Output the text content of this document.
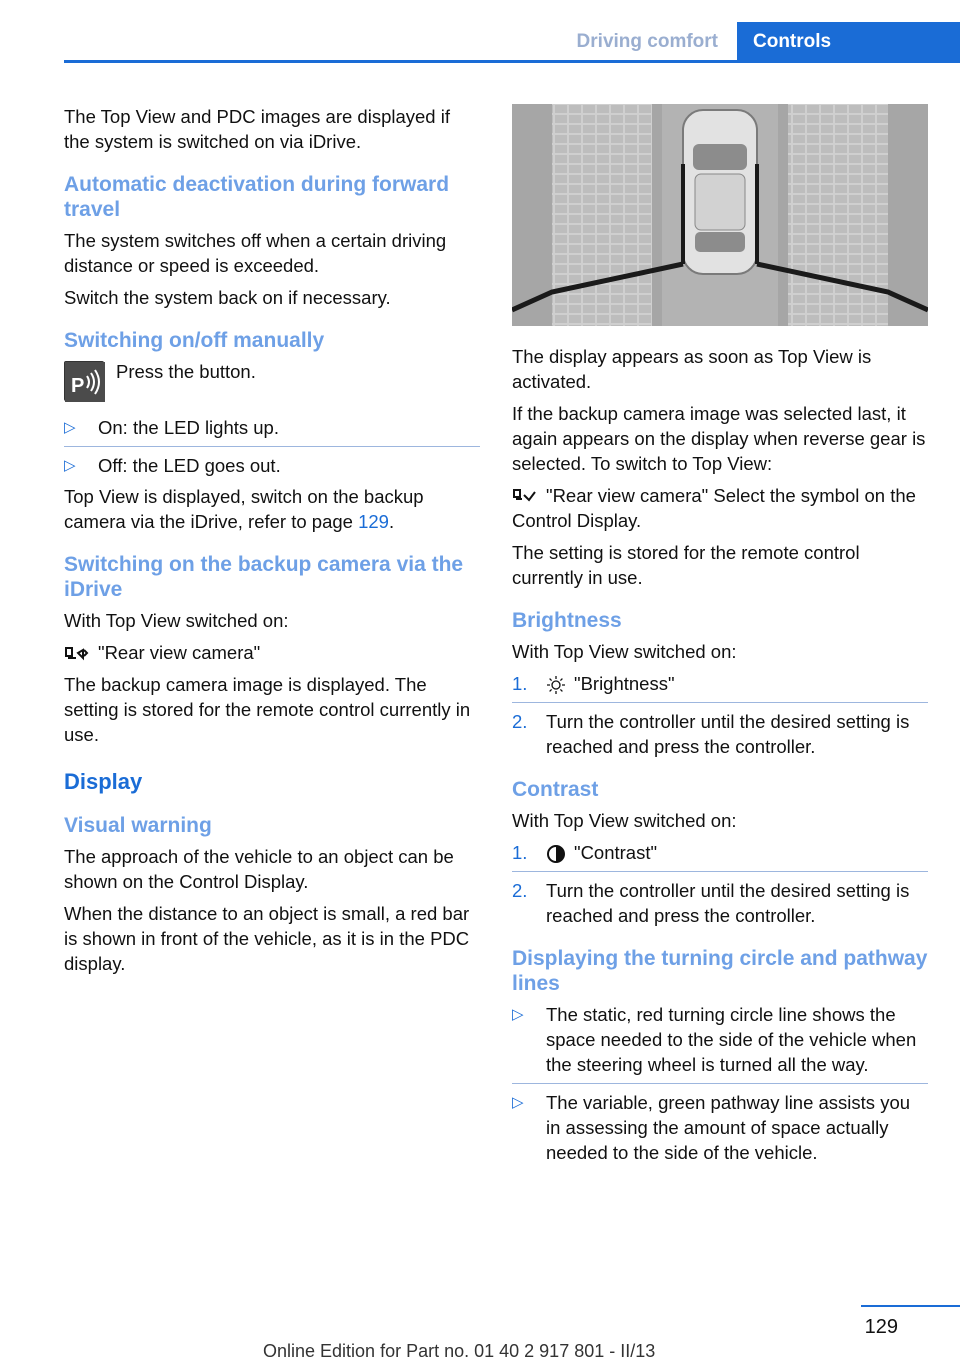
Driving comfort	Controls

The Top View and PDC images are displayed if the system is switched on via iDrive.

Automatic deactivation during forward travel

The system switches off when a certain driving distance or speed is exceeded.

Switch the system back on if necessary.

Switching on/off manually
P
Press the button.
▷ On: the LED lights up.
▷ Off: the LED goes out.

Top View is displayed, switch on the backup camera via the iDrive, refer to page 129.

Switching on the backup camera via the iDrive

With Top View switched on:

"Rear view camera"

The backup camera image is displayed. The setting is stored for the remote control currently in use.

Display
Visual warning

The approach of the vehicle to an object can be shown on the Control Display.

When the distance to an object is small, a red bar is shown in front of the vehicle, as it is in the PDC display.

The display appears as soon as Top View is activated.

If the backup camera image was selected last, it again appears on the display when reverse gear is selected. To switch to Top View:

"Rear view camera" Select the symbol on the Control Display.

The setting is stored for the remote control currently in use.

Brightness

With Top View switched on:

1.	"Brightness"
2. Turn the controller until the desired setting is reached and press the controller.
Contrast

With Top View switched on:

1.	"Contrast"
2. Turn the controller until the desired setting is reached and press the controller.
Displaying the turning circle and pathway lines
▷ The static, red turning circle line shows the space needed to the side of the vehicle when the steering wheel is turned all the way.
▷ The variable, green pathway line assists you in assessing the amount of space actually needed to the side of the vehicle.
129
Online Edition for Part no. 01 40 2 917 801 - II/13
